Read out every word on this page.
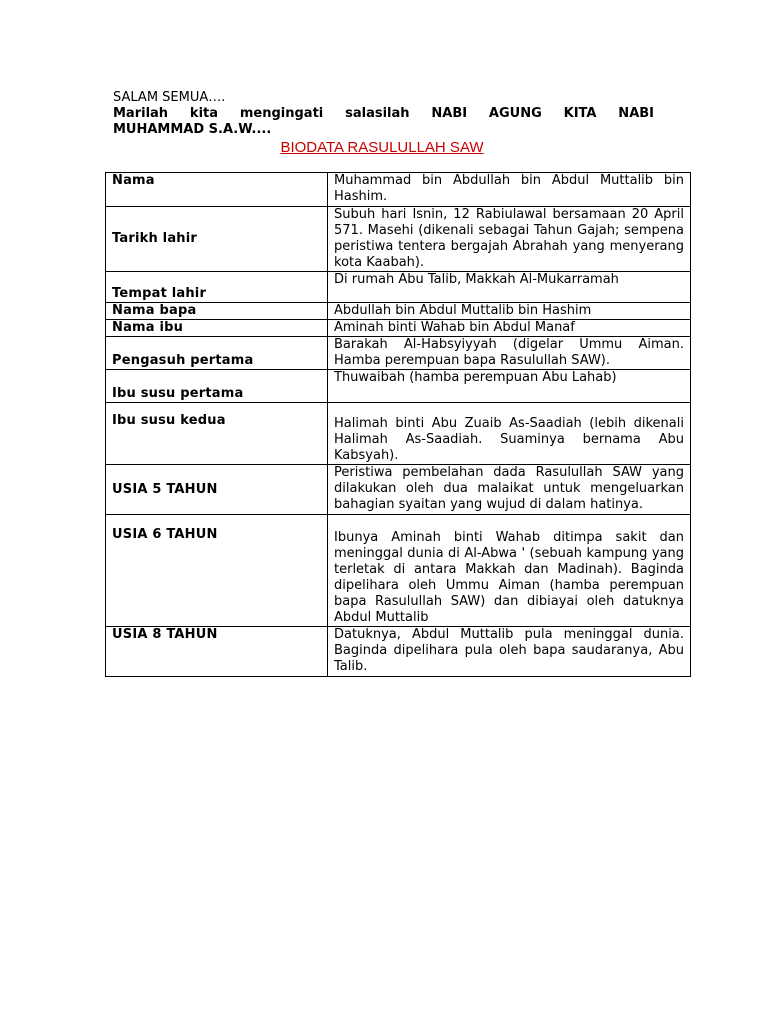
SALAM SEMUA….
Marilah kita mengingati salasilah NABI AGUNG KITA NABI
MUHAMMAD S.A.W....
BIODATA RASULULLAH SAW
Nama	Muhammad bin Abdullah bin Abdul Muttalib bin Hashim.
Tarikh lahir	Subuh hari Isnin, 12 Rabiulawal bersamaan 20 April 571. Masehi (dikenali sebagai Tahun Gajah; sempena peristiwa tentera bergajah Abrahah yang menyerang kota Kaabah).
Tempat lahir	Di rumah Abu Talib, Makkah Al-Mukarramah
Nama bapa	Abdullah bin Abdul Muttalib bin Hashim
Nama ibu	Aminah binti Wahab bin Abdul Manaf
Pengasuh pertama	Barakah Al-Habsyiyyah (digelar Ummu Aiman. Hamba perempuan bapa Rasulullah SAW).
Ibu susu pertama	Thuwaibah (hamba perempuan Abu Lahab)
Ibu susu kedua	Halimah binti Abu Zuaib As-Saadiah (lebih dikenali Halimah As-Saadiah. Suaminya bernama Abu Kabsyah).
USIA 5 TAHUN	Peristiwa pembelahan dada Rasulullah SAW yang dilakukan oleh dua malaikat untuk mengeluarkan bahagian syaitan yang wujud di dalam hatinya.
USIA 6 TAHUN	Ibunya Aminah binti Wahab ditimpa sakit dan meninggal dunia di Al-Abwa ' (sebuah kampung yang terletak di antara Makkah dan Madinah). Baginda dipelihara oleh Ummu Aiman (hamba perempuan bapa Rasulullah SAW) dan dibiayai oleh datuknya Abdul Muttalib
USIA 8 TAHUN	Datuknya, Abdul Muttalib pula meninggal dunia. Baginda dipelihara pula oleh bapa saudaranya, Abu Talib.
